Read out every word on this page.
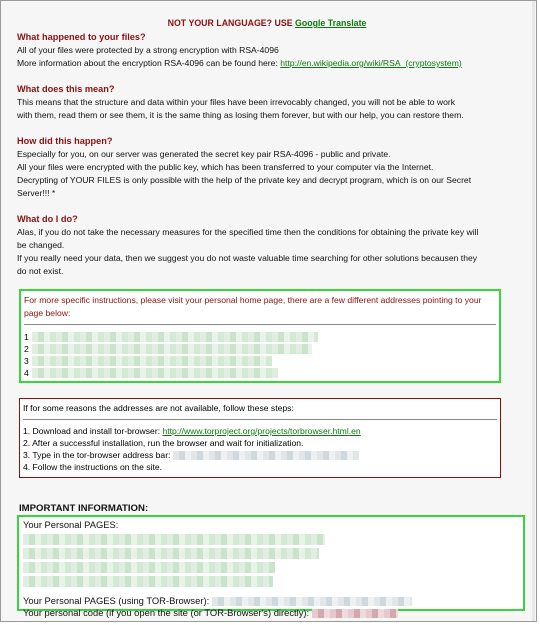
NOT YOUR LANGUAGE? USE Google Translate
What happened to your files?
All of your files were protected by a strong encryption with RSA-4096
More information about the encryption RSA-4096 can be found here: http://en.wikipedia.org/wiki/RSA_(cryptosystem)
What does this mean?
This means that the structure and data within your files have been irrevocably changed, you will not be able to work
with them, read them or see them, it is the same thing as losing them forever, but with our help, you can restore them.
How did this happen?
Especially for you, on our server was generated the secret key pair RSA-4096 - public and private.
All your files were encrypted with the public key, which has been transferred to your computer via the Internet.
Decrypting of YOUR FILES is only possible with the help of the private key and decrypt program, which is on our Secret
Server!!! *
What do I do?
Alas, if you do not take the necessary measures for the specified time then the conditions for obtaining the private key will
be changed.
If you really need your data, then we suggest you do not waste valuable time searching for other solutions becausen they
do not exist.
For more specific instructions, please visit your personal home page, there are a few different addresses pointing to your
page below:
1
2
3
4
If for some reasons the addresses are not available, follow these steps:
1. Download and install tor-browser: http://www.torproject.org/projects/torbrowser.html.en
2. After a successful installation, run the browser and wait for initialization.
3. Type in the tor-browser address bar:
4. Follow the instructions on the site.
IMPORTANT INFORMATION:
Your Personal PAGES:
Your Personal PAGES (using TOR-Browser):
Your personal code (if you open the site (or TOR-Browser's) directly):
